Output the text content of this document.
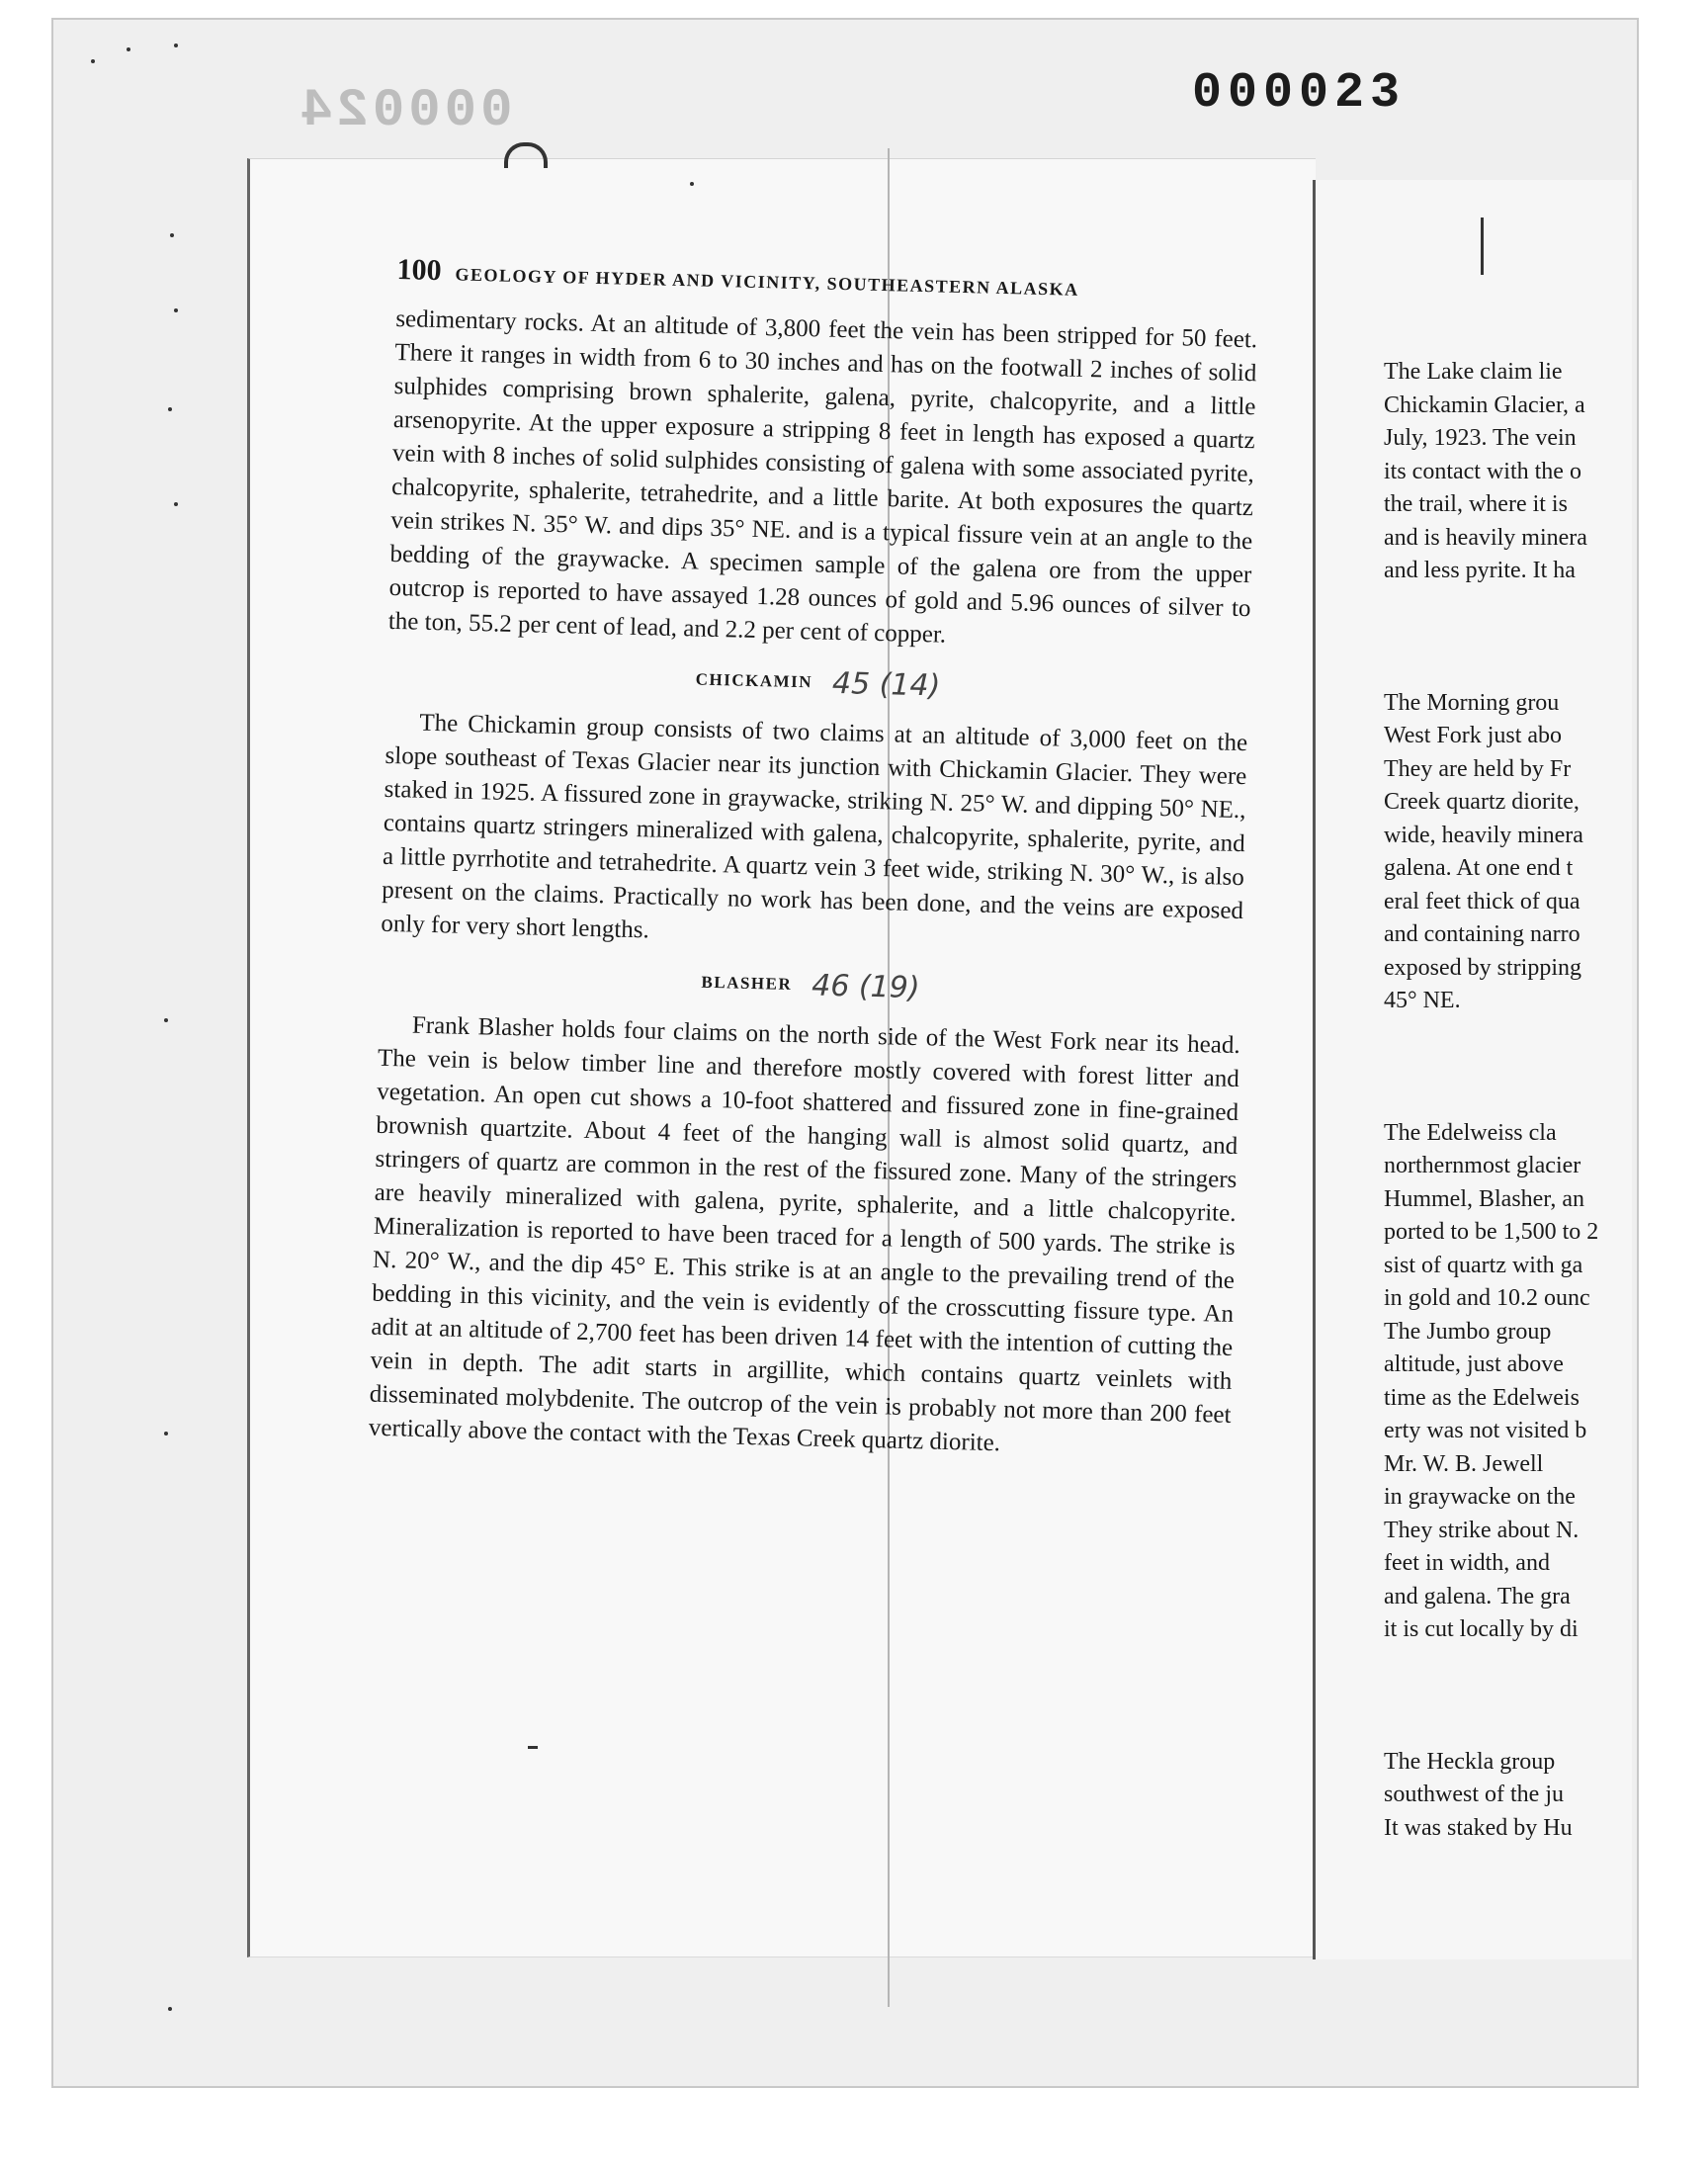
000024	000023
100 GEOLOGY OF HYDER AND VICINITY, SOUTHEASTERN ALASKA

sedimentary rocks. At an altitude of 3,800 feet the vein has been stripped for 50 feet. There it ranges in width from 6 to 30 inches and has on the footwall 2 inches of solid sulphides comprising brown sphalerite, galena, pyrite, chalcopyrite, and a little arsenopyrite. At the upper exposure a stripping 8 feet in length has exposed a quartz vein with 8 inches of solid sulphides consisting of galena with some associated pyrite, chalcopyrite, sphalerite, tetrahedrite, and a little barite. At both exposures the quartz vein strikes N. 35° W. and dips 35° NE. and is a typical fissure vein at an angle to the bedding of the graywacke. A specimen sample of the galena ore from the upper outcrop is reported to have assayed 1.28 ounces of gold and 5.96 ounces of silver to the ton, 55.2 per cent of lead, and 2.2 per cent of copper.

CHICKAMIN 45 (14)

The Chickamin group consists of two claims at an altitude of 3,000 feet on the slope southeast of Texas Glacier near its junction with Chickamin Glacier. They were staked in 1925. A fissured zone in graywacke, striking N. 25° W. and dipping 50° NE., contains quartz stringers mineralized with galena, chalcopyrite, sphalerite, pyrite, and a little pyrrhotite and tetrahedrite. A quartz vein 3 feet wide, striking N. 30° W., is also present on the claims. Practically no work has been done, and the veins are exposed only for very short lengths.

BLASHER 46 (19)

Frank Blasher holds four claims on the north side of the West Fork near its head. The vein is below timber line and therefore mostly covered with forest litter and vegetation. An open cut shows a 10-foot shattered and fissured zone in fine-grained brownish quartzite. About 4 feet of the hanging wall is almost solid quartz, and stringers of quartz are common in the rest of the fissured zone. Many of the stringers are heavily mineralized with galena, pyrite, sphalerite, and a little chalcopyrite. Mineralization is reported to have been traced for a length of 500 yards. The strike is N. 20° W., and the dip 45° E. This strike is at an angle to the prevailing trend of the bedding in this vicinity, and the vein is evidently of the crosscutting fissure type. An adit at an altitude of 2,700 feet has been driven 14 feet with the intention of cutting the vein in depth. The adit starts in argillite, which contains quartz veinlets with disseminated molybdenite. The outcrop of the vein is probably not more than 200 feet vertically above the contact with the Texas Creek quartz diorite.

The Lake claim lie
Chickamin Glacier, a
July, 1923. The vein
its contact with the o
the trail, where it is
and is heavily minera
and less pyrite. It ha
The Morning grou
West Fork just abo
They are held by Fr
Creek quartz diorite,
wide, heavily minera
galena. At one end t
eral feet thick of qua
and containing narro
exposed by stripping
45° NE.
The Edelweiss cla
northernmost glacier
Hummel, Blasher, an
ported to be 1,500 to 2
sist of quartz with ga
in gold and 10.2 ounc
The Jumbo group
altitude, just above
time as the Edelweis
erty was not visited b
Mr. W. B. Jewell
in graywacke on the
They strike about N.
feet in width, and
and galena. The gra
it is cut locally by di
The Heckla group
southwest of the ju
It was staked by Hu
